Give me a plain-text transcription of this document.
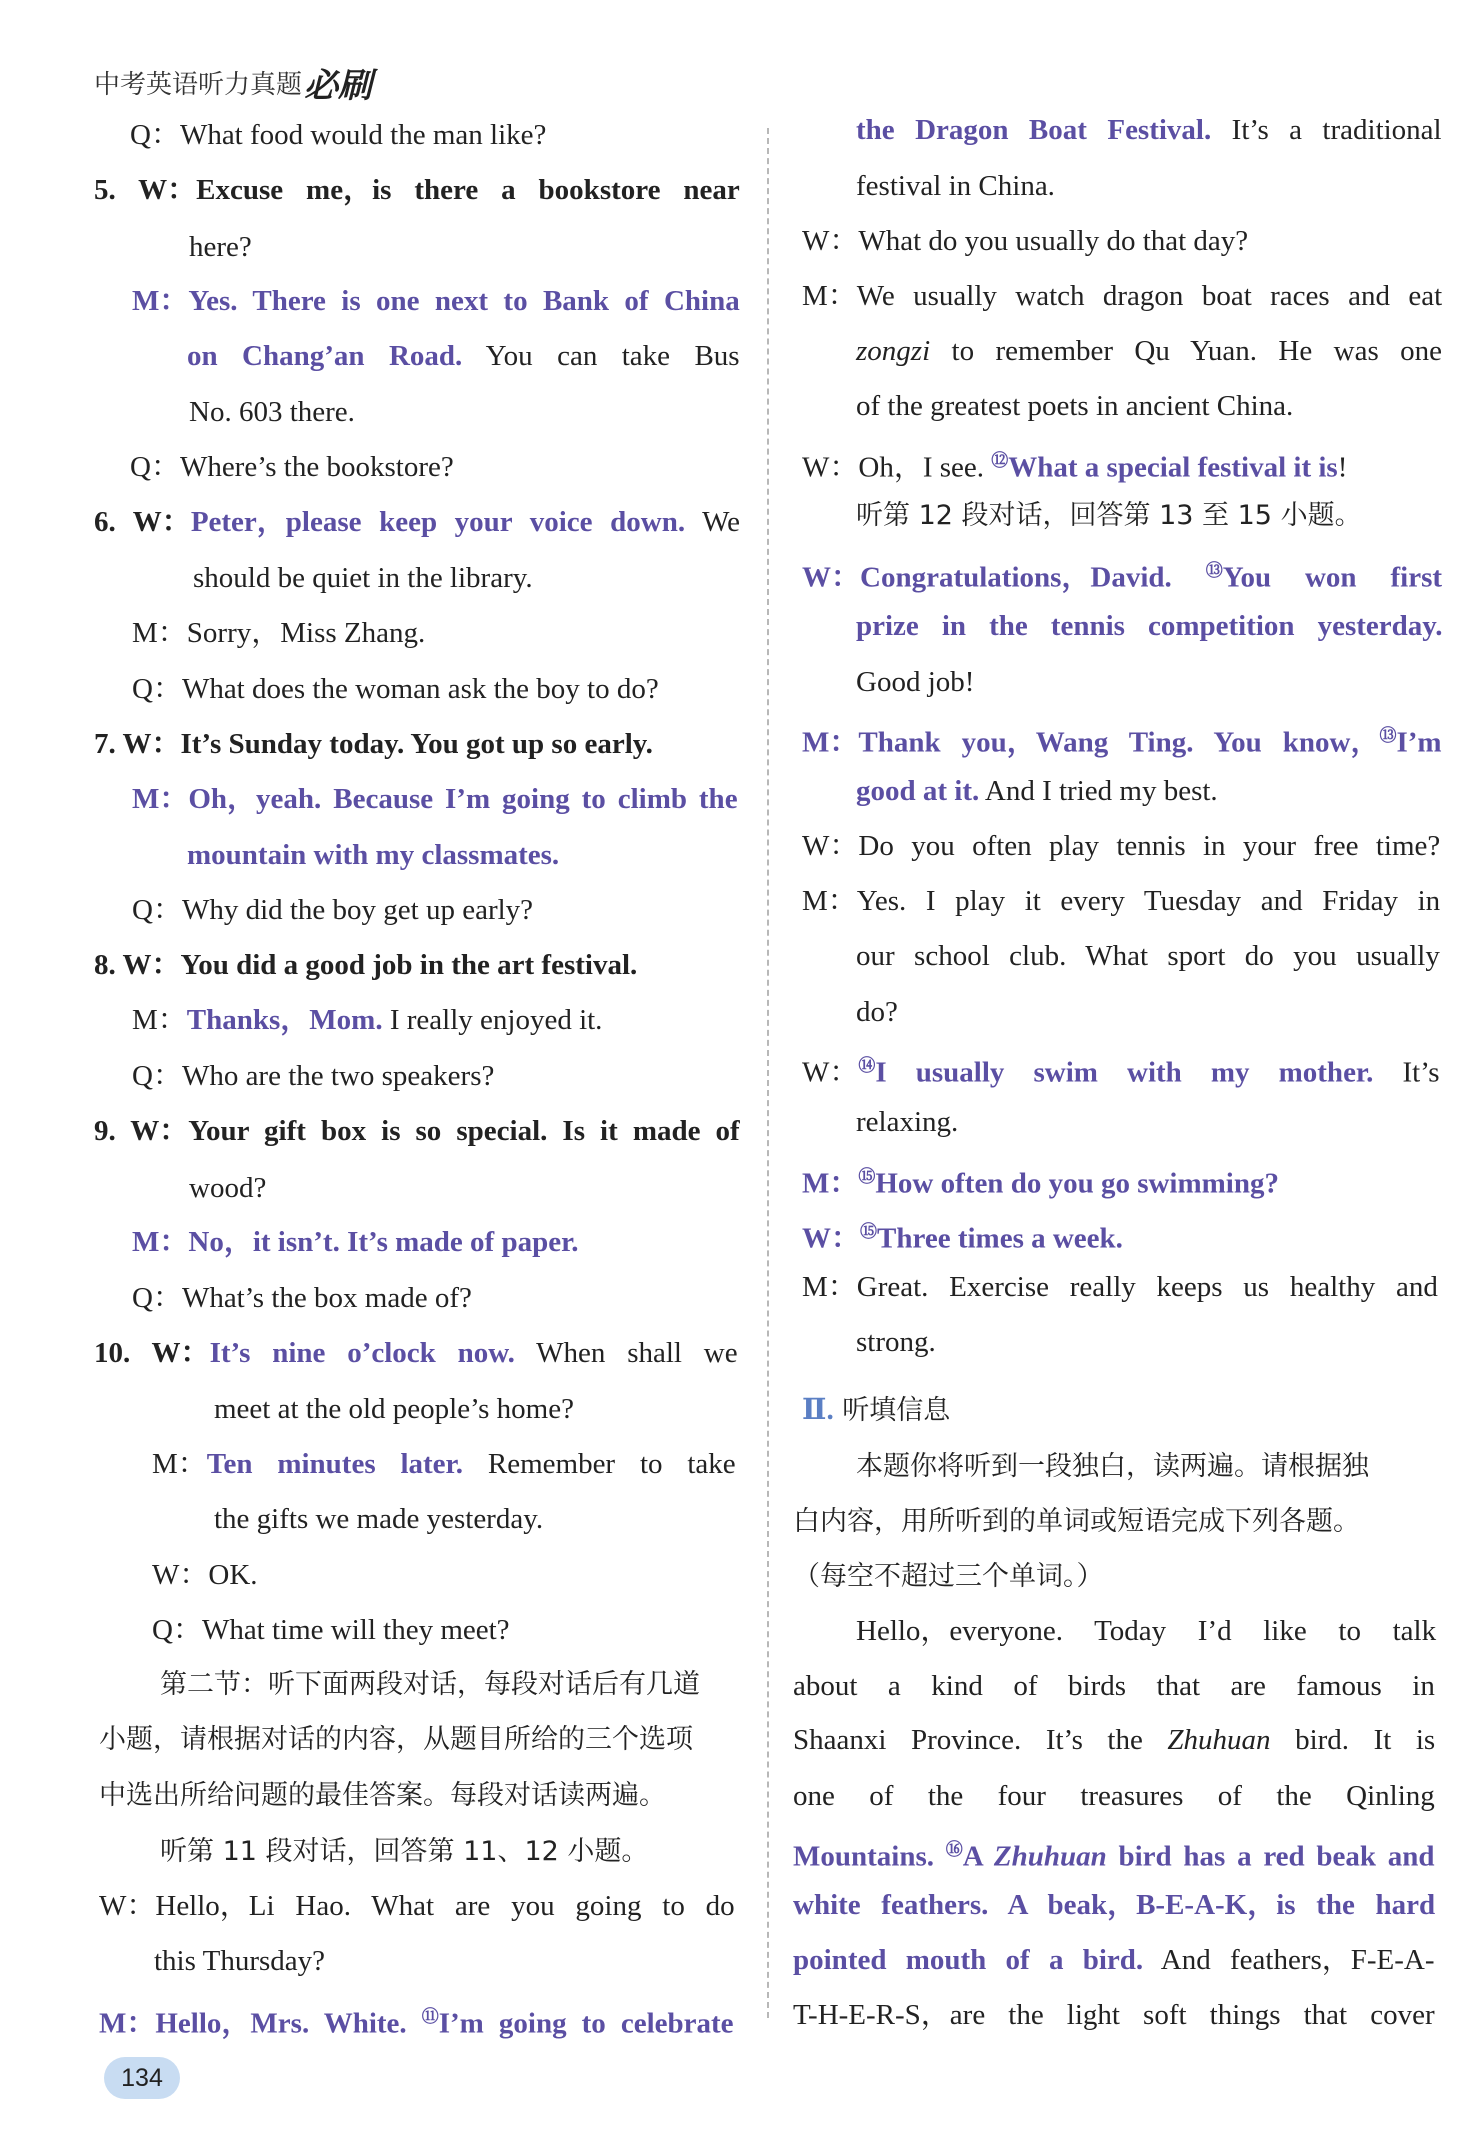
中考英语听力真题必刷
Q：What food would the man like?
5. W：Excuse me，is there a bookstore near
here?
M：Yes. There is one next to Bank of China
on Chang’an Road. You can take Bus
No. 603 there.
Q：Where’s the bookstore?
6. W：Peter，please keep your voice down. We
should be quiet in the library.
M：Sorry，Miss Zhang.
Q：What does the woman ask the boy to do?
7. W：It’s Sunday today. You got up so early.
M：Oh，yeah. Because I’m going to climb the
mountain with my classmates.
Q：Why did the boy get up early?
8. W：You did a good job in the art festival.
M：Thanks，Mom. I really enjoyed it.
Q：Who are the two speakers?
9. W：Your gift box is so special. Is it made of
wood?
M：No，it isn’t. It’s made of paper.
Q：What’s the box made of?
10. W：It’s nine o’clock now. When shall we
meet at the old people’s home?
M：Ten minutes later. Remember to take
the gifts we made yesterday.
W：OK.
Q：What time will they meet?
第二节：听下面两段对话，每段对话后有几道
小题，请根据对话的内容，从题目所给的三个选项
中选出所给问题的最佳答案。每段对话读两遍。
听第 11 段对话，回答第 11、12 小题。
W：Hello，Li Hao. What are you going to do
this Thursday?
M：Hello，Mrs. White. ⑪I’m going to celebrate
the Dragon Boat Festival. It’s a traditional
festival in China.
W：What do you usually do that day?
M：We usually watch dragon boat races and eat
zongzi to remember Qu Yuan. He was one
of the greatest poets in ancient China.
W：Oh，I see. ⑫What a special festival it is!
听第 12 段对话，回答第 13 至 15 小题。
W：Congratulations，David. ⑬You won first
prize in the tennis competition yesterday.
Good job!
M：Thank you，Wang Ting. You know，⑬I’m
good at it. And I tried my best.
W：Do you often play tennis in your free time?
M：Yes. I play it every Tuesday and Friday in
our school club. What sport do you usually
do?
W：⑭I usually swim with my mother. It’s
relaxing.
M：⑮How often do you go swimming?
W：⑮Three times a week.
M：Great. Exercise really keeps us healthy and
strong.
Ⅱ. 听填信息
本题你将听到一段独白，读两遍。请根据独
白内容，用所听到的单词或短语完成下列各题。
（每空不超过三个单词。）
Hello，everyone. Today I’d like to talk
about a kind of birds that are famous in
Shaanxi Province. It’s the Zhuhuan bird. It is
one of the four treasures of the Qinling
Mountains. ⑯A Zhuhuan bird has a red beak and
white feathers. A beak，B-E-A-K，is the hard
pointed mouth of a bird. And feathers，F-E-A-
T-H-E-R-S，are the light soft things that cover
134
